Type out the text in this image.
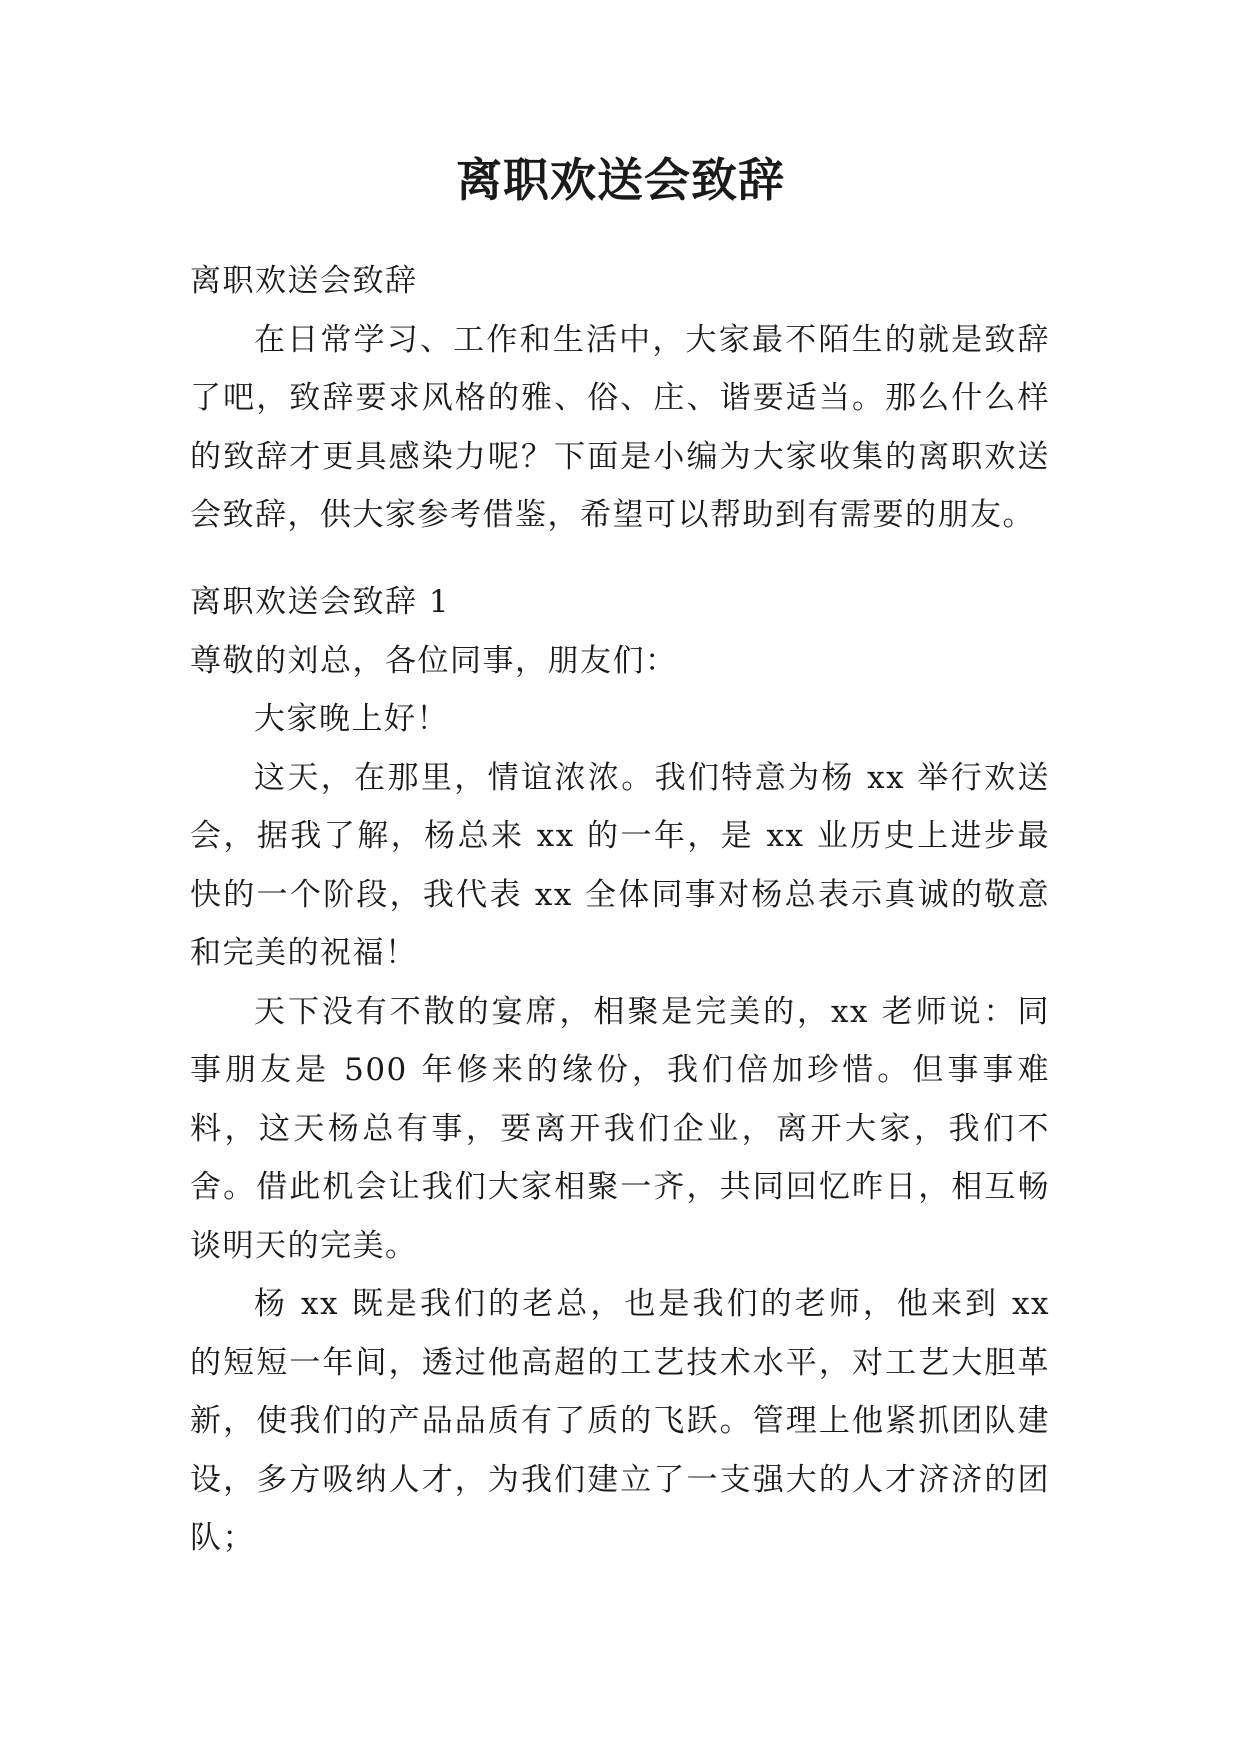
离职欢送会致辞

离职欢送会致辞

在日常学习、工作和生活中，大家最不陌生的就是致辞了吧，致辞要求风格的雅、俗、庄、谐要适当。那么什么样的致辞才更具感染力呢？下面是小编为大家收集的离职欢送会致辞，供大家参考借鉴，希望可以帮助到有需要的朋友。

离职欢送会致辞 1

尊敬的刘总，各位同事，朋友们：

大家晚上好！

这天，在那里，情谊浓浓。我们特意为杨 xx 举行欢送会，据我了解，杨总来 xx 的一年，是 xx 业历史上进步最快的一个阶段，我代表 xx 全体同事对杨总表示真诚的敬意和完美的祝福！

天下没有不散的宴席，相聚是完美的，xx 老师说：同事朋友是 500 年修来的缘份，我们倍加珍惜。但事事难料，这天杨总有事，要离开我们企业，离开大家，我们不舍。借此机会让我们大家相聚一齐，共同回忆昨日，相互畅谈明天的完美。

杨 xx 既是我们的老总，也是我们的老师，他来到 xx 的短短一年间，透过他高超的工艺技术水平，对工艺大胆革新，使我们的产品品质有了质的飞跃。管理上他紧抓团队建设，多方吸纳人才，为我们建立了一支强大的人才济济的团队；
